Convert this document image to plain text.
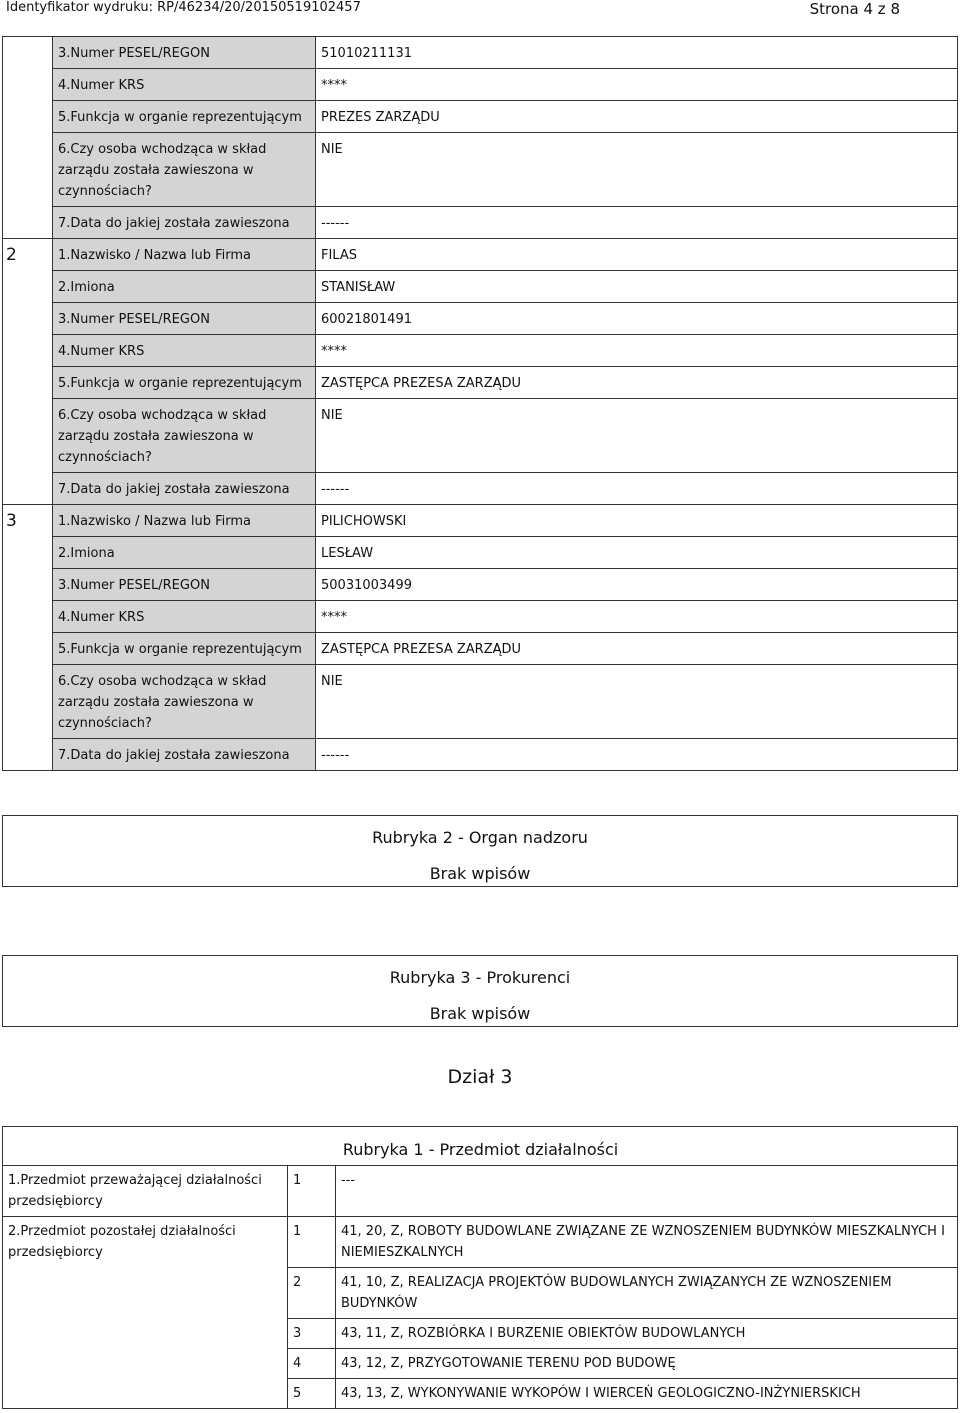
Identyfikator wydruku: RP/46234/20/20150519102457	Strona 4 z 8
	3.Numer PESEL/REGON	51010211131
	4.Numer KRS	****
	5.Funkcja w organie reprezentującym	PREZES ZARZĄDU
	6.Czy osoba wchodząca w skład zarządu została zawieszona w czynnościach?	NIE
	7.Data do jakiej została zawieszona	------
2	1.Nazwisko / Nazwa lub Firma	FILAS
	2.Imiona	STANISŁAW
	3.Numer PESEL/REGON	60021801491
	4.Numer KRS	****
	5.Funkcja w organie reprezentującym	ZASTĘPCA PREZESA ZARZĄDU
	6.Czy osoba wchodząca w skład zarządu została zawieszona w czynnościach?	NIE
	7.Data do jakiej została zawieszona	------
3	1.Nazwisko / Nazwa lub Firma	PILICHOWSKI
	2.Imiona	LESŁAW
	3.Numer PESEL/REGON	50031003499
	4.Numer KRS	****
	5.Funkcja w organie reprezentującym	ZASTĘPCA PREZESA ZARZĄDU
	6.Czy osoba wchodząca w skład zarządu została zawieszona w czynnościach?	NIE
	7.Data do jakiej została zawieszona	------
Rubryka 2 - Organ nadzoru
Brak wpisów
Rubryka 3 - Prokurenci
Brak wpisów
Dział 3
Rubryka 1 - Przedmiot działalności		
1.Przedmiot przeważającej działalności przedsiębiorcy	1	---
2.Przedmiot pozostałej działalności przedsiębiorcy	1	41, 20, Z, ROBOTY BUDOWLANE ZWIĄZANE ZE WZNOSZENIEM BUDYNKÓW MIESZKALNYCH I NIEMIESZKALNYCH
	2	41, 10, Z, REALIZACJA PROJEKTÓW BUDOWLANYCH ZWIĄZANYCH ZE WZNOSZENIEM BUDYNKÓW
	3	43, 11, Z, ROZBIÓRKA I BURZENIE OBIEKTÓW BUDOWLANYCH
	4	43, 12, Z, PRZYGOTOWANIE TERENU POD BUDOWĘ
	5	43, 13, Z, WYKONYWANIE WYKOPÓW I WIERCEŃ GEOLOGICZNO-INŻYNIERSKICH
